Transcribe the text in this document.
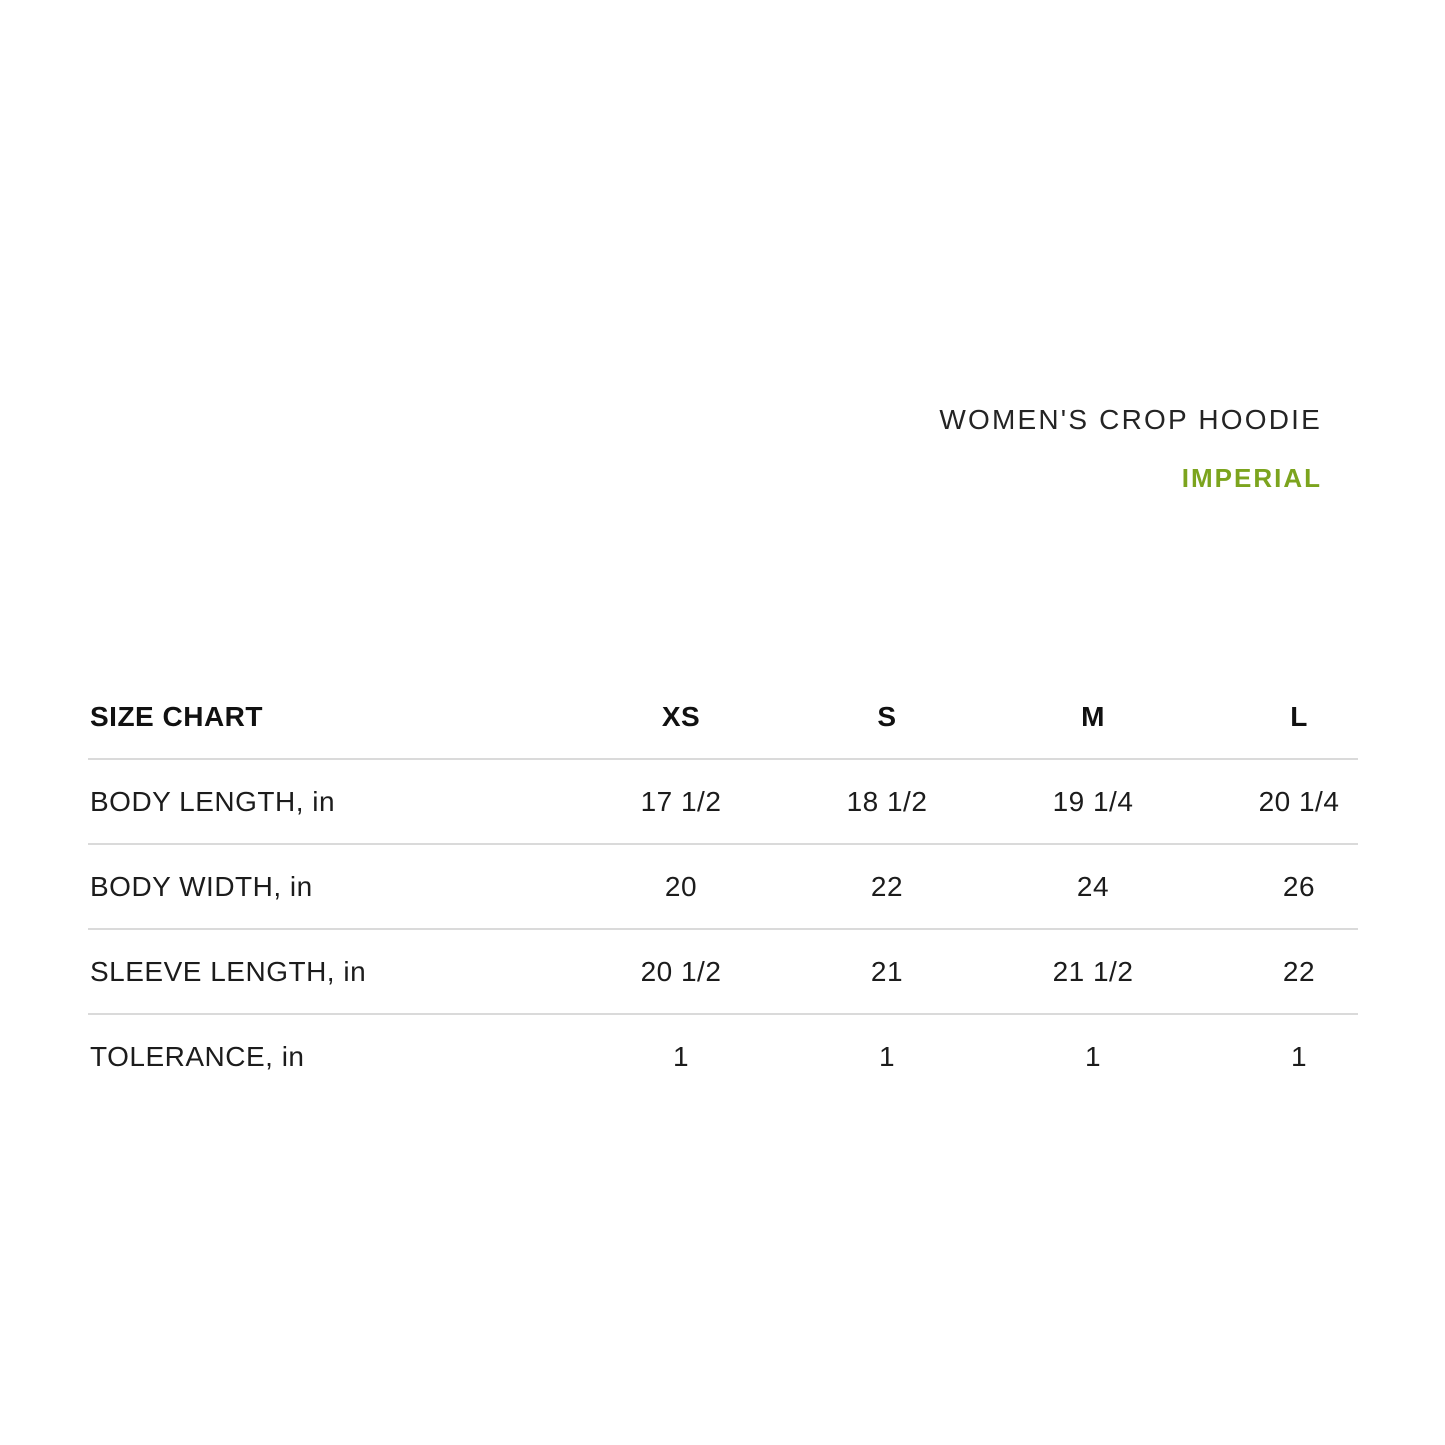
WOMEN'S CROP HOODIE
IMPERIAL
SIZE CHART	XS	S	M	L
BODY LENGTH, in	17 1/2	18 1/2	19 1/4	20 1/4
BODY WIDTH, in	20	22	24	26
SLEEVE LENGTH, in	20 1/2	21	21 1/2	22
TOLERANCE, in	1	1	1	1
